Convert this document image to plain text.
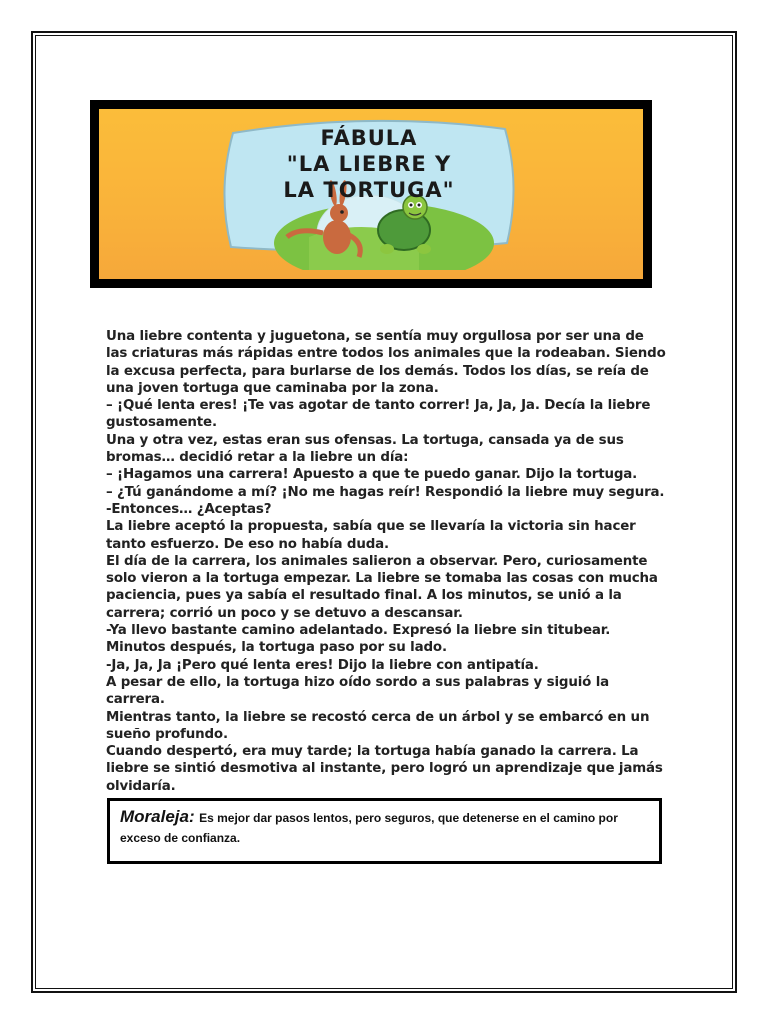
FÁBULA
"LA LIEBRE Y
LA TORTUGA"

Una liebre contenta y juguetona, se sentía muy orgullosa por ser una de las criaturas más rápidas entre todos los animales que la rodeaban. Siendo la excusa perfecta, para burlarse de los demás. Todos los días, se reía de una joven tortuga que caminaba por la zona.

– ¡Qué lenta eres! ¡Te vas agotar de tanto correr! Ja, Ja, Ja. Decía la liebre gustosamente.

Una y otra vez, estas eran sus ofensas. La tortuga, cansada ya de sus bromas… decidió retar a la liebre un día:

– ¡Hagamos una carrera! Apuesto a que te puedo ganar. Dijo la tortuga.

– ¿Tú ganándome a mí? ¡No me hagas reír! Respondió la liebre muy segura.

-Entonces… ¿Aceptas?

La liebre aceptó la propuesta, sabía que se llevaría la victoria sin hacer tanto esfuerzo. De eso no había duda.

El día de la carrera, los animales salieron a observar. Pero, curiosamente solo vieron a la tortuga empezar. La liebre se tomaba las cosas con mucha paciencia, pues ya sabía el resultado final. A los minutos, se unió a la carrera; corrió un poco y se detuvo a descansar.

-Ya llevo bastante camino adelantado. Expresó la liebre sin titubear.

Minutos después, la tortuga paso por su lado.

-Ja, Ja, Ja ¡Pero qué lenta eres! Dijo la liebre con antipatía.

A pesar de ello, la tortuga hizo oído sordo a sus palabras y siguió la carrera.

Mientras tanto, la liebre se recostó cerca de un árbol y se embarcó en un sueño profundo.

Cuando despertó, era muy tarde; la tortuga había ganado la carrera. La liebre se sintió desmotiva al instante, pero logró un aprendizaje que jamás olvidaría.

Moraleja: Es mejor dar pasos lentos, pero seguros, que detenerse en el camino por exceso de confianza.
